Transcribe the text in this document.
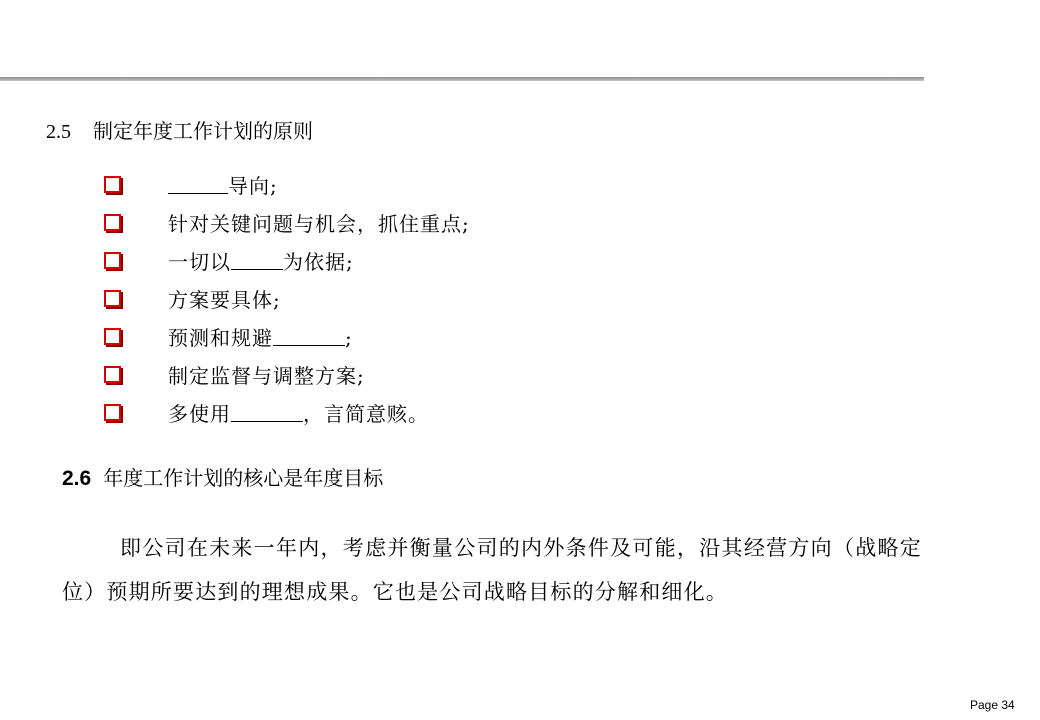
2.5 制定年度工作计划的原则
导向;
针对关键问题与机会，抓住重点;
一切以	为依据;
方案要具体;
预测和规避	;
制定监督与调整方案;
多使用	，言简意赅。
2.6 年度工作计划的核心是年度目标

即公司在未来一年内，考虑并衡量公司的内外条件及可能，沿其经营方向（战略定位）预期所要达到的理想成果。它也是公司战略目标的分解和细化。

Page 34
